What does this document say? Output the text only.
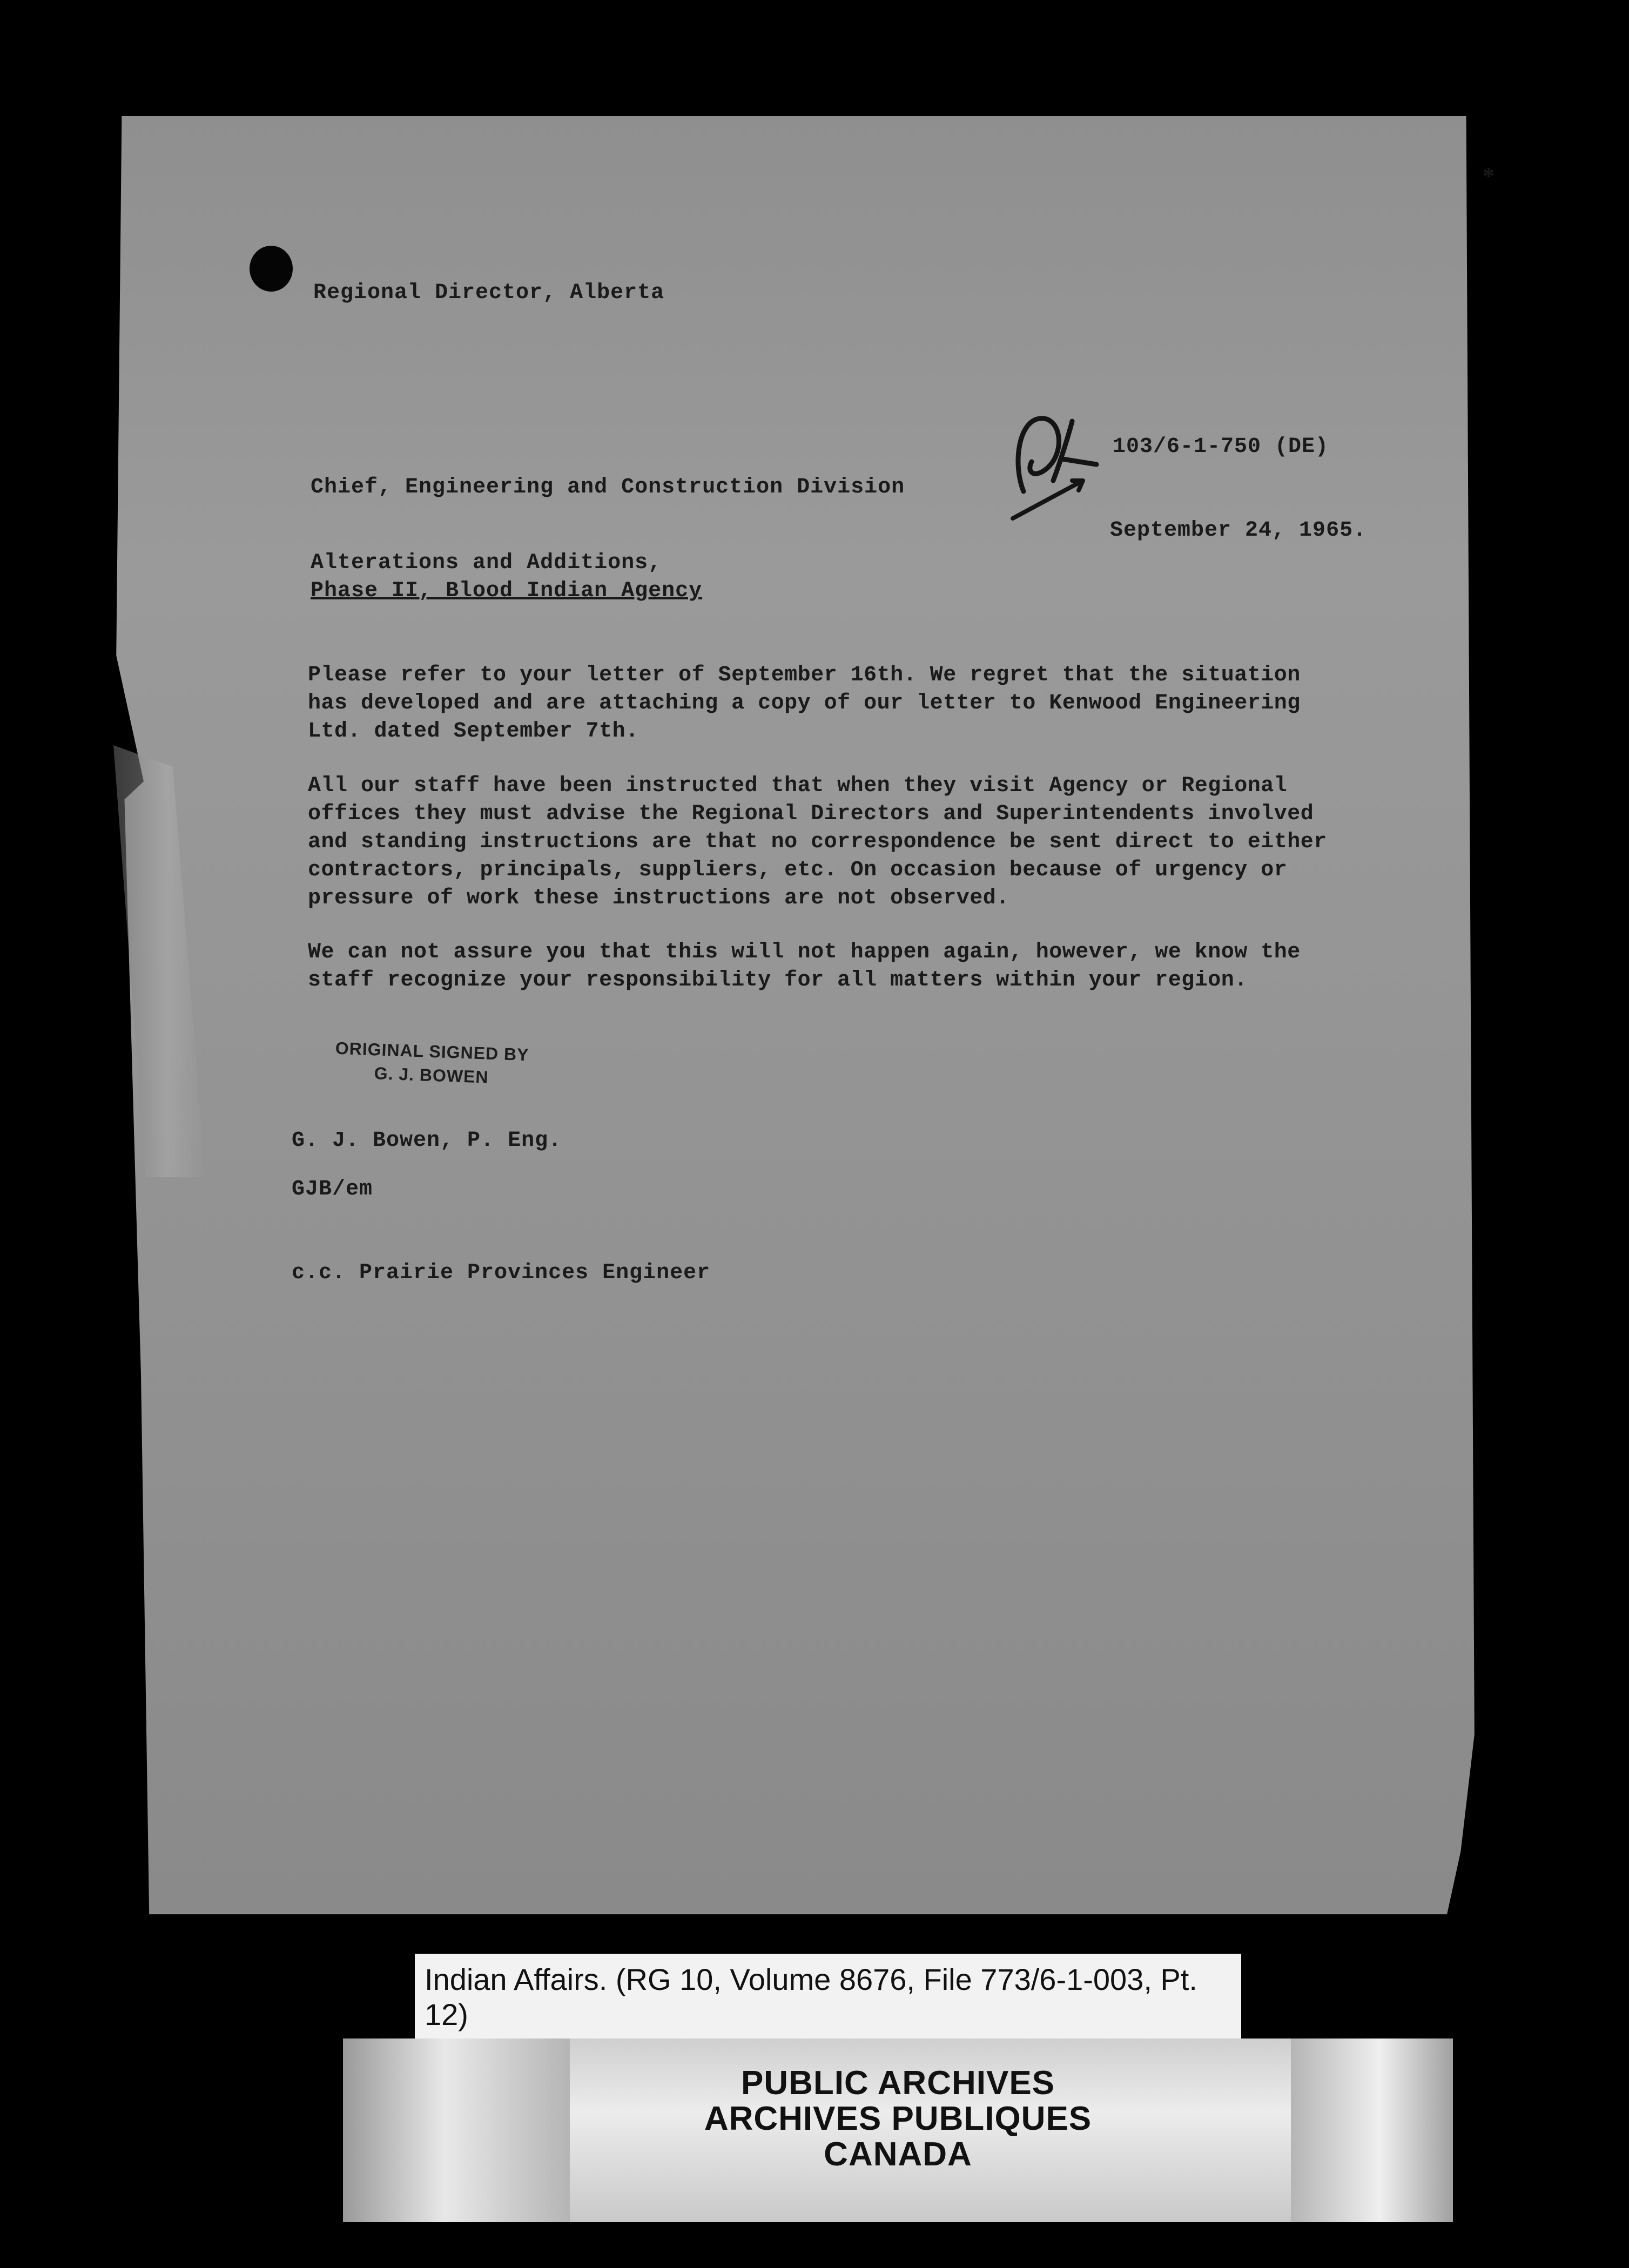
*
Regional Director, Alberta
103/6-1-750 (DE)
Chief, Engineering and Construction Division
September 24, 1965.
Alterations and Additions,
Phase II, Blood Indian Agency
Please refer to your letter of September 16th. We regret that the situation
has developed and are attaching a copy of our letter to Kenwood Engineering
Ltd. dated September 7th.
All our staff have been instructed that when they visit Agency or Regional
offices they must advise the Regional Directors and Superintendents involved
and standing instructions are that no correspondence be sent direct to either
contractors, principals, suppliers, etc. On occasion because of urgency or
pressure of work these instructions are not observed.
We can not assure you that this will not happen again, however, we know the
staff recognize your responsibility for all matters within your region.
ORIGINAL SIGNED BY
G. J. BOWEN
G. J. Bowen, P. Eng.
GJB/em
c.c. Prairie Provinces Engineer
Indian Affairs. (RG 10, Volume 8676, File 773/6-1-003, Pt. 12)
PUBLIC ARCHIVES
ARCHIVES PUBLIQUES
CANADA
